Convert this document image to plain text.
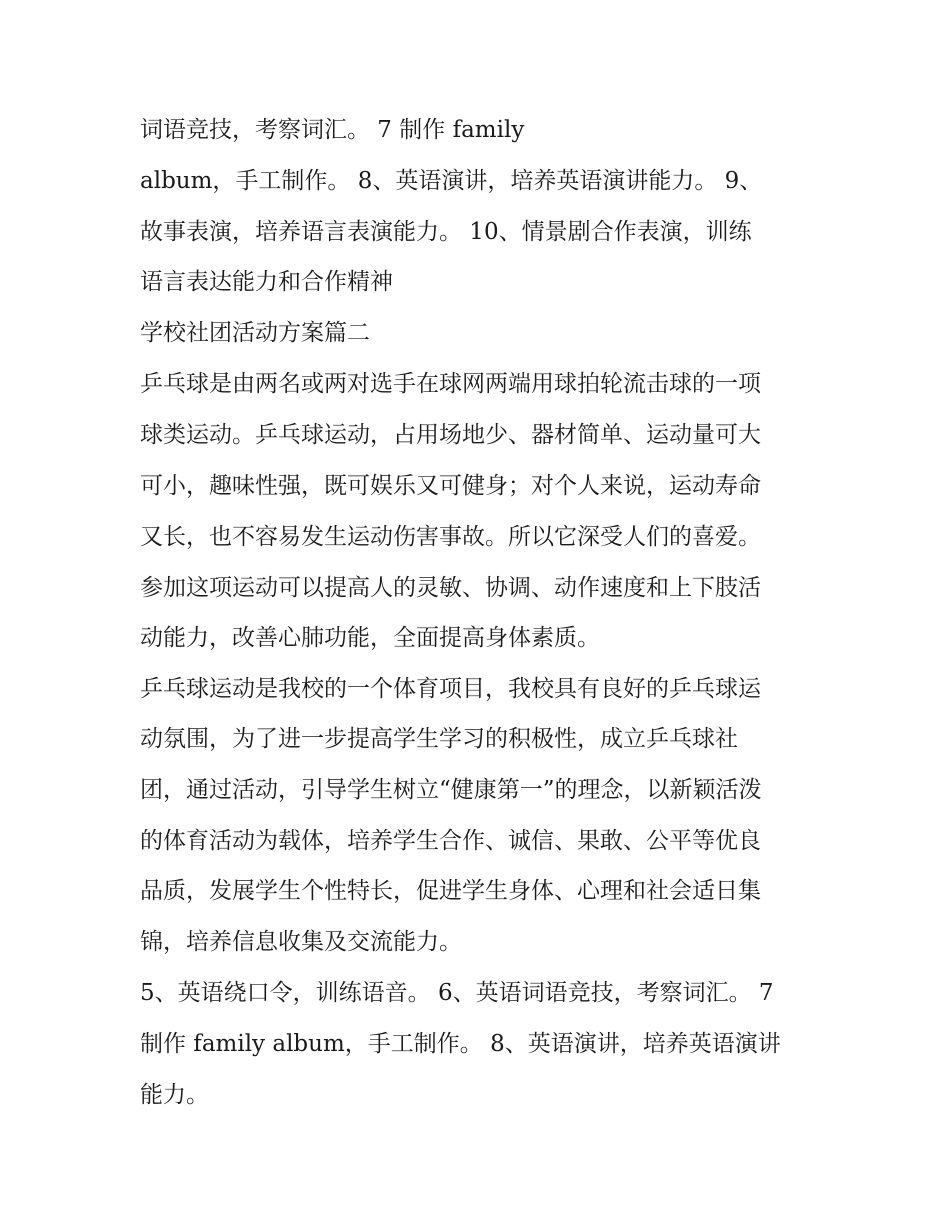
词语竞技，考察词汇。 7 制作 family
album，手工制作。 8、英语演讲，培养英语演讲能力。 9、
故事表演，培养语言表演能力。 10、情景剧合作表演，训练
语言表达能力和合作精神
学校社团活动方案篇二
乒乓球是由两名或两对选手在球网两端用球拍轮流击球的一项
球类运动。乒乓球运动，占用场地少、器材简单、运动量可大
可小，趣味性强，既可娱乐又可健身；对个人来说，运动寿命
又长，也不容易发生运动伤害事故。所以它深受人们的喜爱。
参加这项运动可以提高人的灵敏、协调、动作速度和上下肢活
动能力，改善心肺功能，全面提高身体素质。
乒乓球运动是我校的一个体育项目，我校具有良好的乒乓球运
动氛围，为了进一步提高学生学习的积极性，成立乒乓球社
团，通过活动，引导学生树立“健康第一”的理念，以新颖活泼
的体育活动为载体，培养学生合作、诚信、果敢、公平等优良
品质，发展学生个性特长，促进学生身体、心理和社会适日集
锦，培养信息收集及交流能力。
5、英语绕口令，训练语音。 6、英语词语竞技，考察词汇。 7
制作 family album，手工制作。 8、英语演讲，培养英语演讲
能力。
